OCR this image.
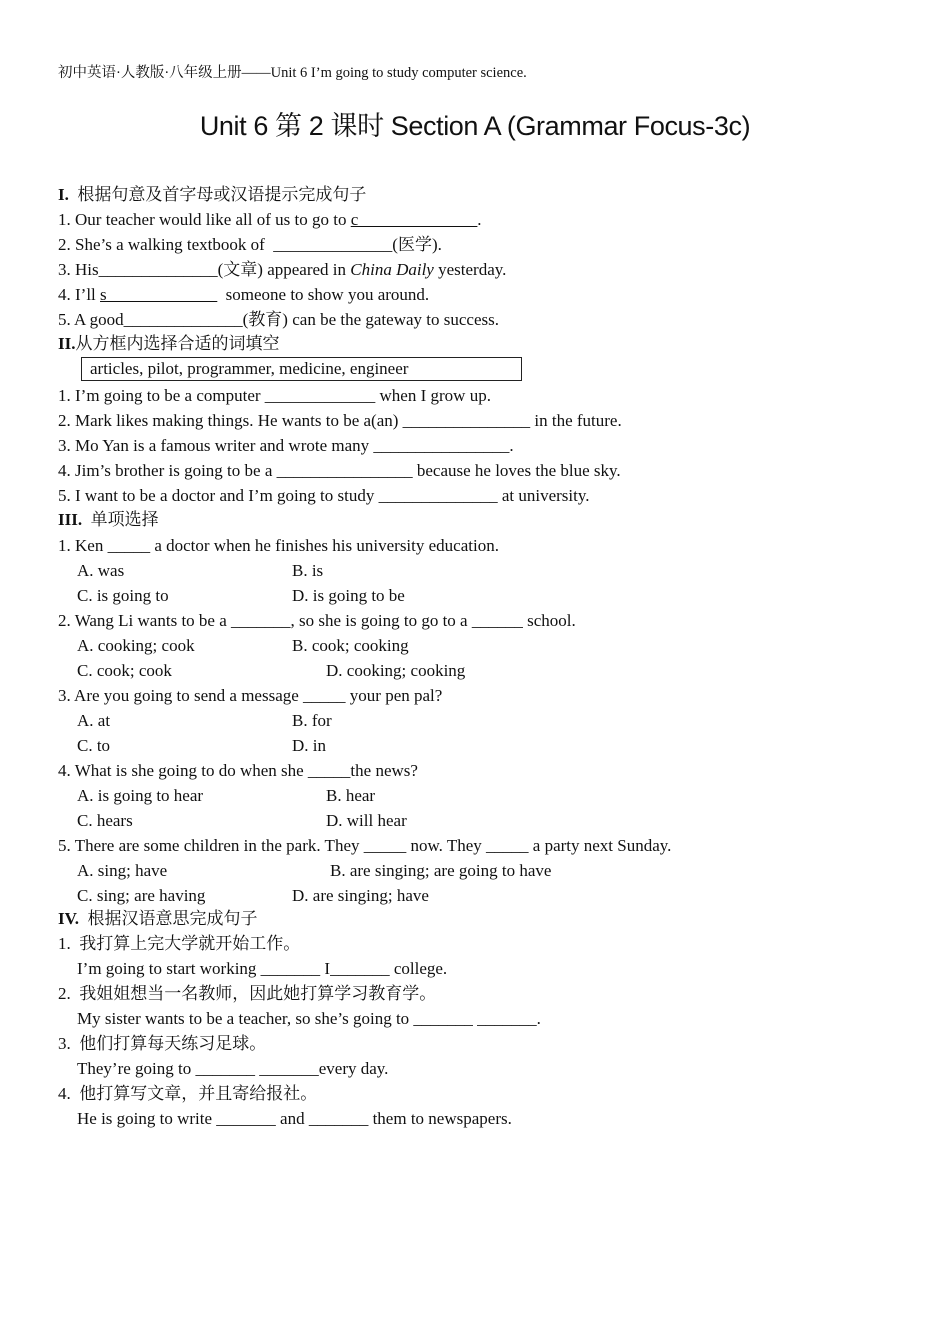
初中英语·人教版·八年级上册——Unit 6 I’m going to study computer science.
Unit 6 第 2 课时 Section A (Grammar Focus-3c)
I.  根据句意及首字母或汉语提示完成句子
1. Our teacher would like all of us to go to c______________.
2. She’s a walking textbook of  ______________(医学).
3. His______________(文章) appeared in China Daily yesterday.
4. I’ll s_____________  someone to show you around.
5. A good______________(教育) can be the gateway to success.
II.从方框内选择合适的词填空
articles, pilot, programmer, medicine, engineer
1. I’m going to be a computer _____________ when I grow up.
2. Mark likes making things. He wants to be a(an) _______________ in the future.
3. Mo Yan is a famous writer and wrote many ________________.
4. Jim’s brother is going to be a ________________ because he loves the blue sky.
5. I want to be a doctor and I’m going to study ______________ at university.
III.  单项选择
1. Ken _____ a doctor when he finishes his university education.
A. was	B. is
C. is going to	D. is going to be
2. Wang Li wants to be a _______, so she is going to go to a ______ school.
A. cooking; cook	B. cook; cooking
C. cook; cook	D. cooking; cooking
3. Are you going to send a message _____ your pen pal?
A. at	B. for
C. to	D. in
4. What is she going to do when she _____the news?
A. is going to hear	B. hear
C. hears	D. will hear
5. There are some children in the park. They _____ now. They _____ a party next Sunday.
A. sing; have	B. are singing; are going to have
C. sing; are having	D. are singing; have
IV.  根据汉语意思完成句子
1.  我打算上完大学就开始工作。
I’m going to start working _______ I_______ college.
2.  我姐姐想当一名教师，因此她打算学习教育学。
My sister wants to be a teacher, so she’s going to _______ _______.
3.  他们打算每天练习足球。
They’re going to _______ _______every day.
4.  他打算写文章，并且寄给报社。
He is going to write _______ and _______ them to newspapers.
